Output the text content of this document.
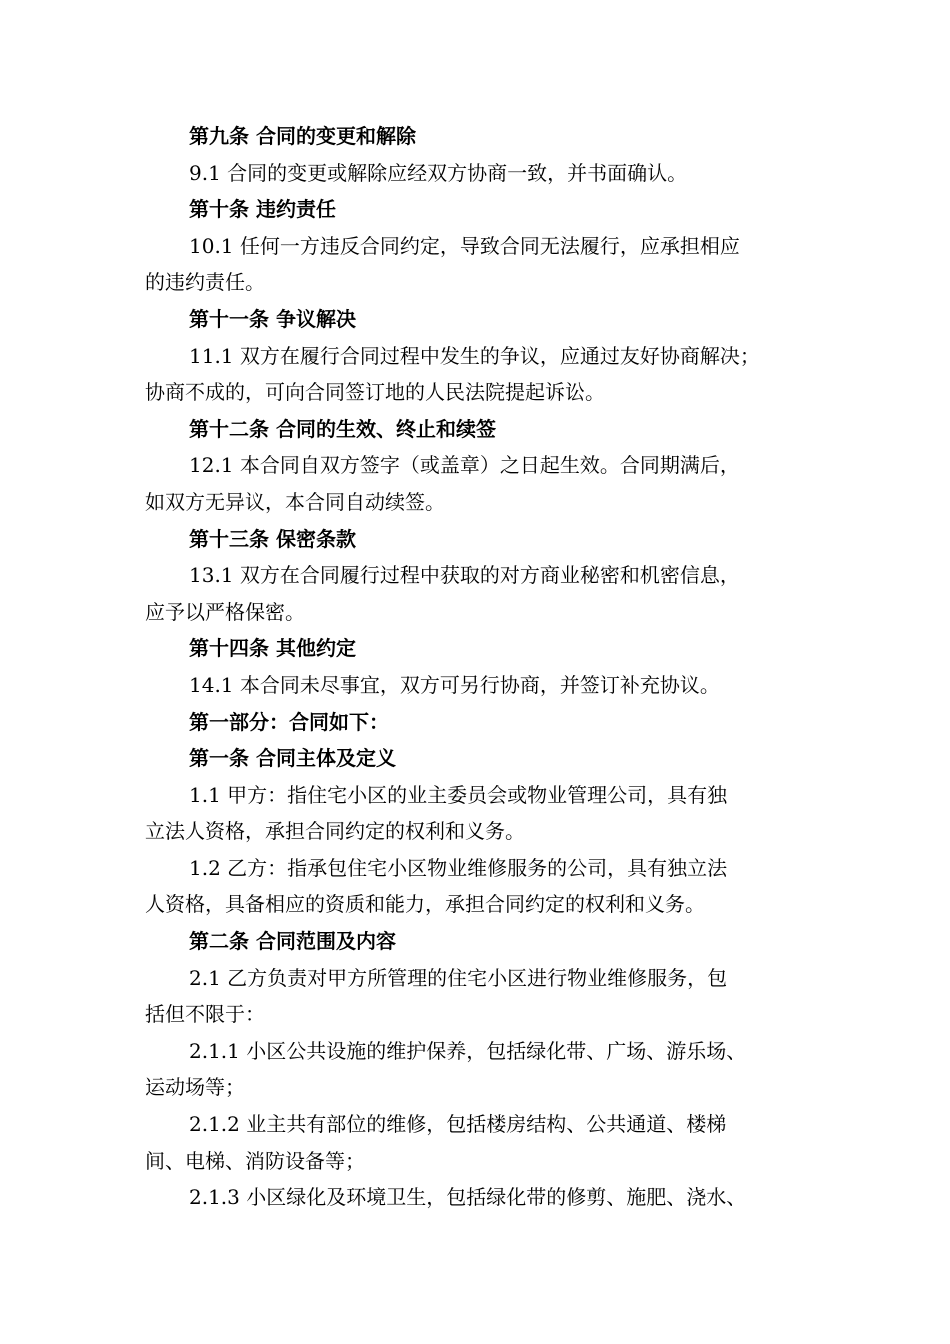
第九条 合同的变更和解除
9.1 合同的变更或解除应经双方协商一致，并书面确认。
第十条 违约责任
10.1 任何一方违反合同约定，导致合同无法履行，应承担相应
的违约责任。
第十一条 争议解决
11.1 双方在履行合同过程中发生的争议，应通过友好协商解决；
协商不成的，可向合同签订地的人民法院提起诉讼。
第十二条 合同的生效、终止和续签
12.1 本合同自双方签字（或盖章）之日起生效。合同期满后，
如双方无异议，本合同自动续签。
第十三条 保密条款
13.1 双方在合同履行过程中获取的对方商业秘密和机密信息，
应予以严格保密。
第十四条 其他约定
14.1 本合同未尽事宜，双方可另行协商，并签订补充协议。
第一部分：合同如下：
第一条 合同主体及定义
1.1 甲方：指住宅小区的业主委员会或物业管理公司，具有独
立法人资格，承担合同约定的权利和义务。
1.2 乙方：指承包住宅小区物业维修服务的公司，具有独立法
人资格，具备相应的资质和能力，承担合同约定的权利和义务。
第二条 合同范围及内容
2.1 乙方负责对甲方所管理的住宅小区进行物业维修服务，包
括但不限于：
2.1.1 小区公共设施的维护保养，包括绿化带、广场、游乐场、
运动场等；
2.1.2 业主共有部位的维修，包括楼房结构、公共通道、楼梯
间、电梯、消防设备等；
2.1.3 小区绿化及环境卫生，包括绿化带的修剪、施肥、浇水、
